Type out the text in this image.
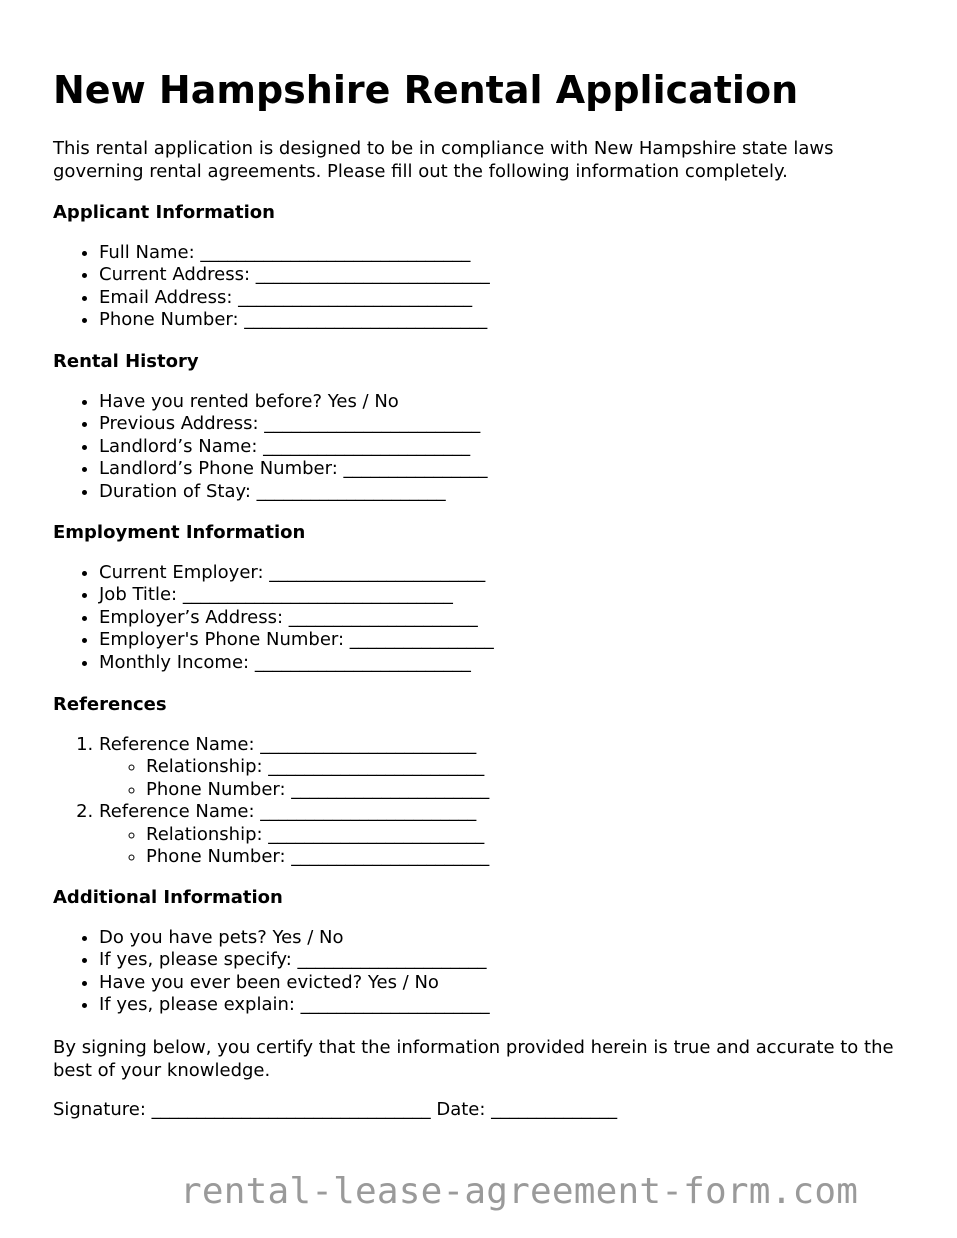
New Hampshire Rental Application

This rental application is designed to be in compliance with New Hampshire state laws governing rental agreements. Please fill out the following information completely.

Applicant Information
• Full Name: ______________________________
• Current Address: __________________________
• Email Address: __________________________
• Phone Number: ___________________________
Rental History
• Have you rented before? Yes / No
• Previous Address: ________________________
• Landlord’s Name: _______________________
• Landlord’s Phone Number: ________________
• Duration of Stay: _____________________
Employment Information
• Current Employer: ________________________
• Job Title: ______________________________
• Employer’s Address: _____________________
• Employer's Phone Number: ________________
• Monthly Income: ________________________
References
1. Reference Name: ________________________
◦ Relationship: ________________________
◦ Phone Number: ______________________
2. Reference Name: ________________________
◦ Relationship: ________________________
◦ Phone Number: ______________________
Additional Information
• Do you have pets? Yes / No
• If yes, please specify: _____________________
• Have you ever been evicted? Yes / No
• If yes, please explain: _____________________

By signing below, you certify that the information provided herein is true and accurate to the best of your knowledge.

Signature: _______________________________ Date: ______________

rental-lease-agreement-form.com
